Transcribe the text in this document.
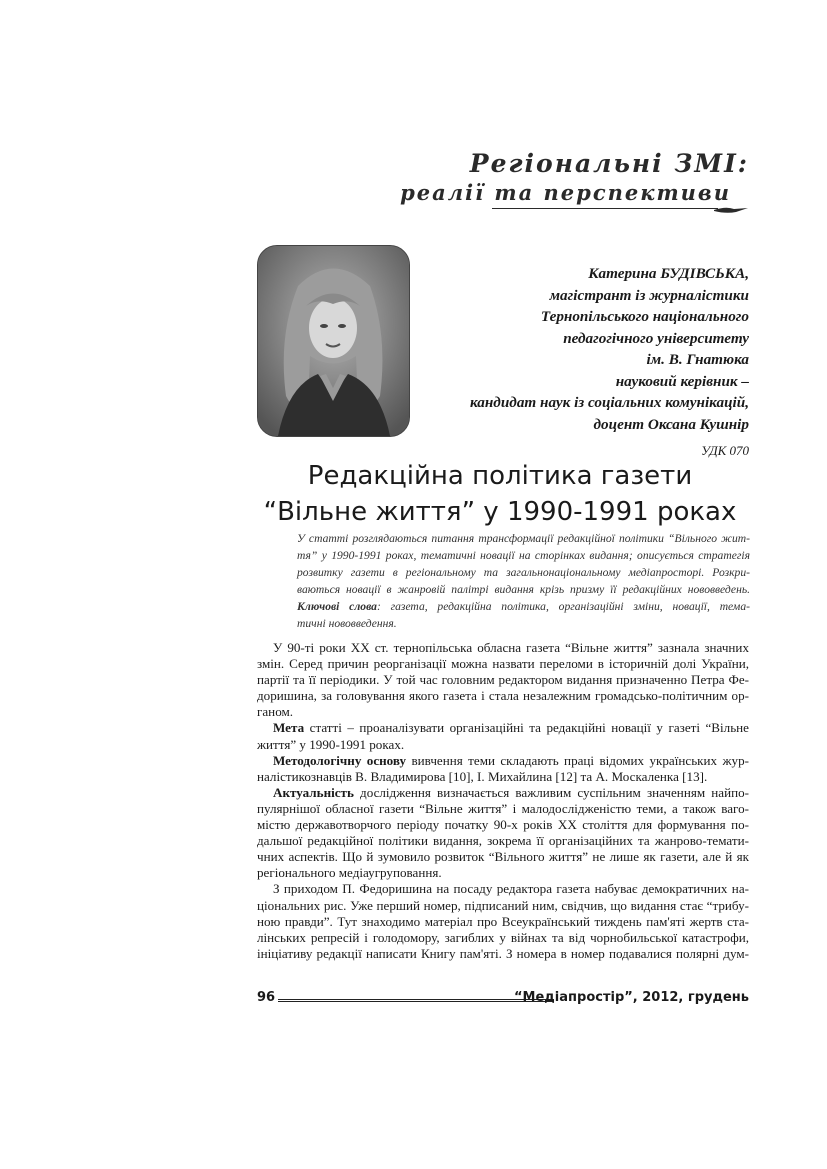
Регіональні ЗМІ:
реалії та перспективи
Катерина БУДІВСЬКА,
магістрант із журналістики
Тернопільського національного
педагогічного університету
ім. В. Гнатюка
науковий керівник –
кандидат наук із соціальних комунікацій,
доцент Оксана Кушнір
УДК 070
Редакційна політика газети
“Вільне життя” у 1990-1991 роках
У статті розглядаються питання трансформації редакційної політики “Вільного жит-
тя” у 1990-1991 роках, тематичні новації на сторінках видання; описується стратегія
розвитку газети в регіональному та загальнонаціональному медіапросторі. Розкри-
ваються новації в жанровій палітрі видання крізь призму її редакційних нововведень.
Ключові слова: газета, редакційна політика, організаційні зміни, новації, тема-
тичні нововведення.
У 90-ті роки XX ст. тернопільська обласна газета “Вільне життя” зазнала значних
змін. Серед причин реорганізації можна назвати переломи в історичній долі України,
партії та її періодики. У той час головним редактором видання призначенно Петра Фе-
доришина, за головування якого газета і стала незалежним громадсько-політичним ор-
ганом.
Мета статті – проаналізувати організаційні та редакційні новації у газеті “Вільне
життя” у 1990-1991 роках.
Методологічну основу вивчення теми складають праці відомих українських жур-
налістикознавців В. Владимирова [10], І. Михайлина [12] та А. Москаленка [13].
Актуальність дослідження визначається важливим суспільним значенням найпо-
пулярнішої обласної газети “Вільне життя” і малодослідженістю теми, а також ваго-
містю державотворчого періоду початку 90-х років XX століття для формування по-
дальшої редакційної політики видання, зокрема її організаційних та жанрово-темати-
чних аспектів. Що й зумовило розвиток “Вільного життя” не лише як газети, але й як
регіонального медіаугруповання.
З приходом П. Федоришина на посаду редактора газета набуває демократичних на-
ціональних рис. Уже перший номер, підписаний ним, свідчив, що видання стає “трибу-
ною правди”. Тут знаходимо матеріал про Всеукраїнський тиждень пам'яті жертв ста-
лінських репресій і голодомору, загиблих у війнах та від чорнобильської катастрофи,
ініціативу редакції написати Книгу пам'яті. З номера в номер подавалися полярні дум-
96	“Медіапростір”, 2012, грудень
